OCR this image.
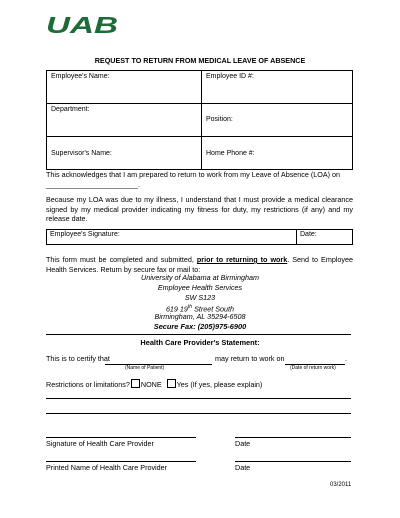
UAB
REQUEST TO RETURN FROM MEDICAL LEAVE OF ABSENCE
Employee's Name:	Employee ID #:
Department:	Position:
Supervisor's Name:	Home Phone #:
This acknowledges that I am prepared to return to work from my Leave of Absence (LOA) on
_______________________.
Because my LOA was due to my illness, I understand that I must provide a medical clearance signed by my medical provider indicating my fitness for duty, my restrictions (if any) and my release date.
Employee's Signature:	Date:
This form must be completed and submitted, prior to returning to work. Send to Employee Health Services. Return by secure fax or mail to:
University of Alabama at Birmingham
Employee Health Services
SW S123
619 19th Street South
Birmingham, AL 35294-6508
Secure Fax: (205)975-6900
Health Care Provider's Statement:
This is to certify that
(Name of Patient)
may return to work on	.
(Date of return work)
Restrictions or limitations? NONE Yes (If yes, please explain)
Signature of Health Care Provider	Date
Printed Name of Health Care Provider	Date
03/2011
